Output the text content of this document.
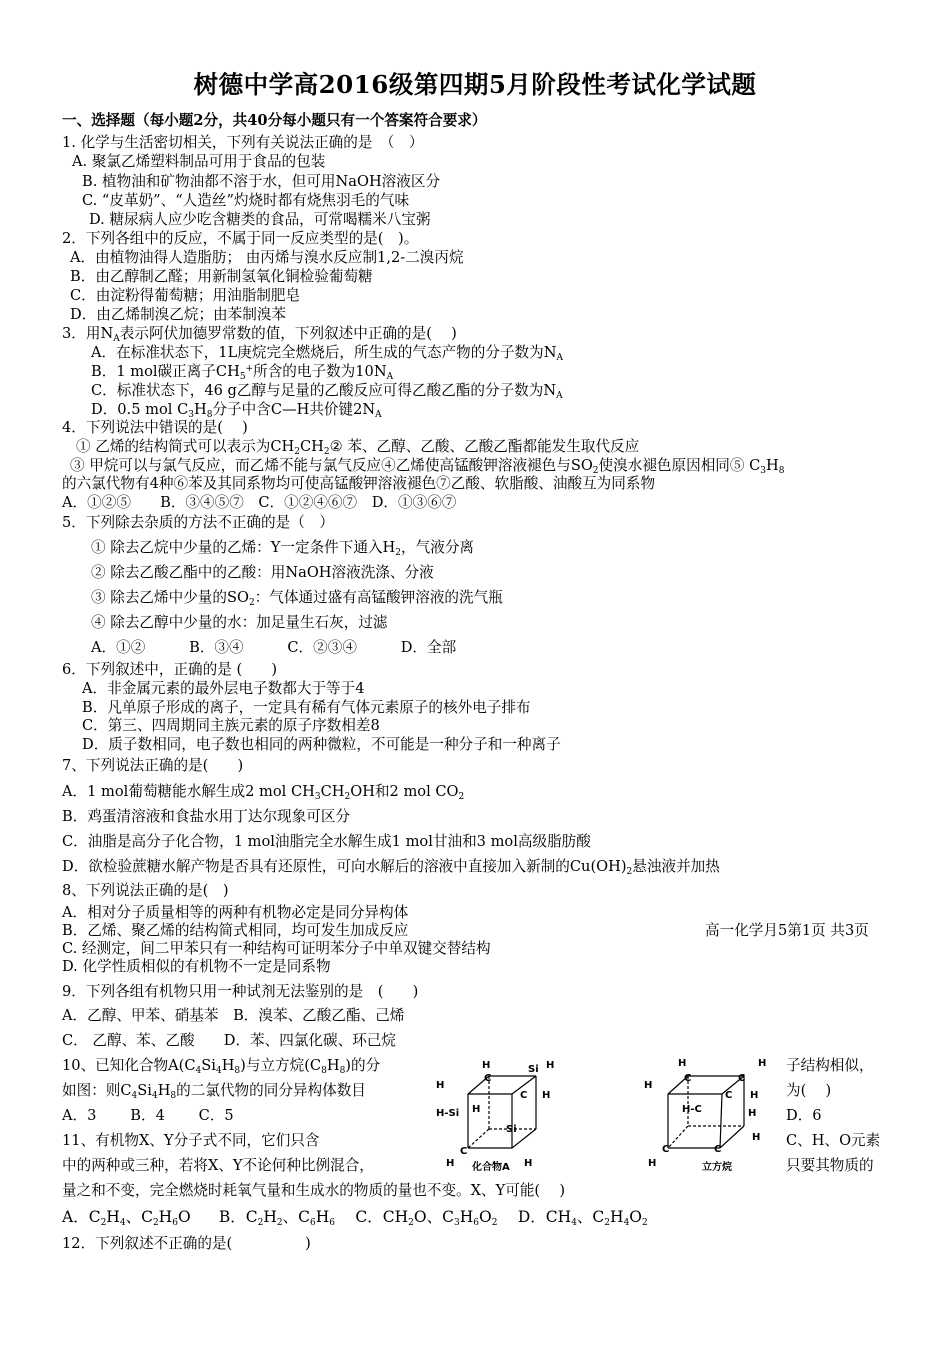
树德中学高2016级第四期5月阶段性考试化学试题
一、选择题（每小题2分，共40分每小题只有一个答案符合要求）
1. 化学与生活密切相关，下列有关说法正确的是　（　）
A. 聚氯乙烯塑料制品可用于食品的包装
B. 植物油和矿物油都不溶于水，但可用NaOH溶液区分
C. “皮革奶”、“人造丝”灼烧时都有烧焦羽毛的气味
D. 糖尿病人应少吃含糖类的食品，可常喝糯米八宝粥
2．下列各组中的反应，不属于同一反应类型的是(　)。
A．由植物油得人造脂肪； 由丙烯与溴水反应制1,2-二溴丙烷
B．由乙醇制乙醛；用新制氢氧化铜检验葡萄糖
C．由淀粉得葡萄糖；用油脂制肥皂
D．由乙烯制溴乙烷；由苯制溴苯
3．用$N_A$表示阿伏加德罗常数的值，下列叙述中正确的是(　 )
A．在标准状态下，1L庚烷完全燃烧后，所生成的气态产物的分子数为$N_A$
B．1 mol碳正离子$CH_5^+$所含的电子数为$10N_A$
C．标准状态下，46 g乙醇与足量的乙酸反应可得乙酸乙酯的分子数为$N_A$
D．0.5 mol $C_3H_8$分子中含C—H共价键$2N_A$
4．下列说法中错误的是(　 )
① 乙烯的结构简式可以表示为$CH_2CH_2②$ 苯、乙醇、乙酸、乙酸乙酯都能发生取代反应
③ 甲烷可以与氯气反应，而乙烯不能与氯气反应④乙烯使高锰酸钾溶液褪色与$SO_2$使溴水褪色原因相同⑤ $C_3H_8$
的六氯代物有4种⑥苯及其同系物均可使高锰酸钾溶液褪色⑦乙酸、软脂酸、油酸互为同系物
A．①②⑤　　B．③④⑤⑦　C．①②④⑥⑦　D．①③⑥⑦
5．下列除去杂质的方法不正确的是（　）
① 除去乙烷中少量的乙烯：Y一定条件下通入$H_2$，气液分离
② 除去乙酸乙酯中的乙酸：用NaOH溶液洗涤、分液
③ 除去乙烯中少量的$SO_2$：气体通过盛有高锰酸钾溶液的洗气瓶
④ 除去乙醇中少量的水：加足量生石灰，过滤
A．①②　　　B．③④　　　C．②③④　　　D．全部
6．下列叙述中，正确的是 (　　)
A．非金属元素的最外层电子数都大于等于4
B．凡单原子形成的离子，一定具有稀有气体元素原子的核外电子排布
C．第三、四周期同主族元素的原子序数相差8
D．质子数相同，电子数也相同的两种微粒，不可能是一种分子和一种离子
7、下列说法正确的是(　　)
A．1 mol葡萄糖能水解生成2 mol $CH_3CH_2OH$和2 mol $CO_2$
B．鸡蛋清溶液和食盐水用丁达尔现象可区分
C．油脂是高分子化合物，1 mol油脂完全水解生成1 mol甘油和3 mol高级脂肪酸
D．欲检验蔗糖水解产物是否具有还原性，可向水解后的溶液中直接加入新制的$Cu(OH)_2$悬浊液并加热
8、下列说法正确的是(　)
A．相对分子质量相等的两种有机物必定是同分异构体
B．乙烯、聚乙烯的结构简式相同，均可发生加成反应	高一化学月5第1页 共3页
C. 经测定，间二甲苯只有一种结构可证明苯分子中单双键交替结构
D. 化学性质相似的有机物不一定是同系物
9．下列各组有机物只用一种试剂无法鉴别的是　(　　)
A．乙醇、甲苯、硝基苯　B．溴苯、乙酸乙酯、己烯
C． 乙醇、苯、乙酸　　D．苯、四氯化碳、环己烷
10、已知化合物$A(C_4Si_4H_8)$与立方烷$(C_8H_8)$的分	子结构相似，
如图：则$C_4Si_4H_8$的二氯代物的同分异构体数目	为(　 )
A．3　　 B．4　　 C．5	D．6
H	Si H
H
C
C H
H-Si H
C
Si
H	H
化合物A
H
C
H
C
H
H
C
H-C
C
H
C
H
H
立方烷
11、有机物X、Y分子式不同，它们只含	C、H、O元素
中的两种或三种，若将X、Y不论何种比例混合，	只要其物质的
量之和不变，完全燃烧时耗氧气量和生成水的物质的量也不变。X、Y可能(　 )
A．$C_2H_4$、$C_2H_6O$　  B．$C_2H_2$、$C_6H_6$   C．$CH_2O$、$C_3H_6O_2$   D．$CH_4$、$C_2H_4O_2$
12．下列叙述不正确的是(　　　　　)
